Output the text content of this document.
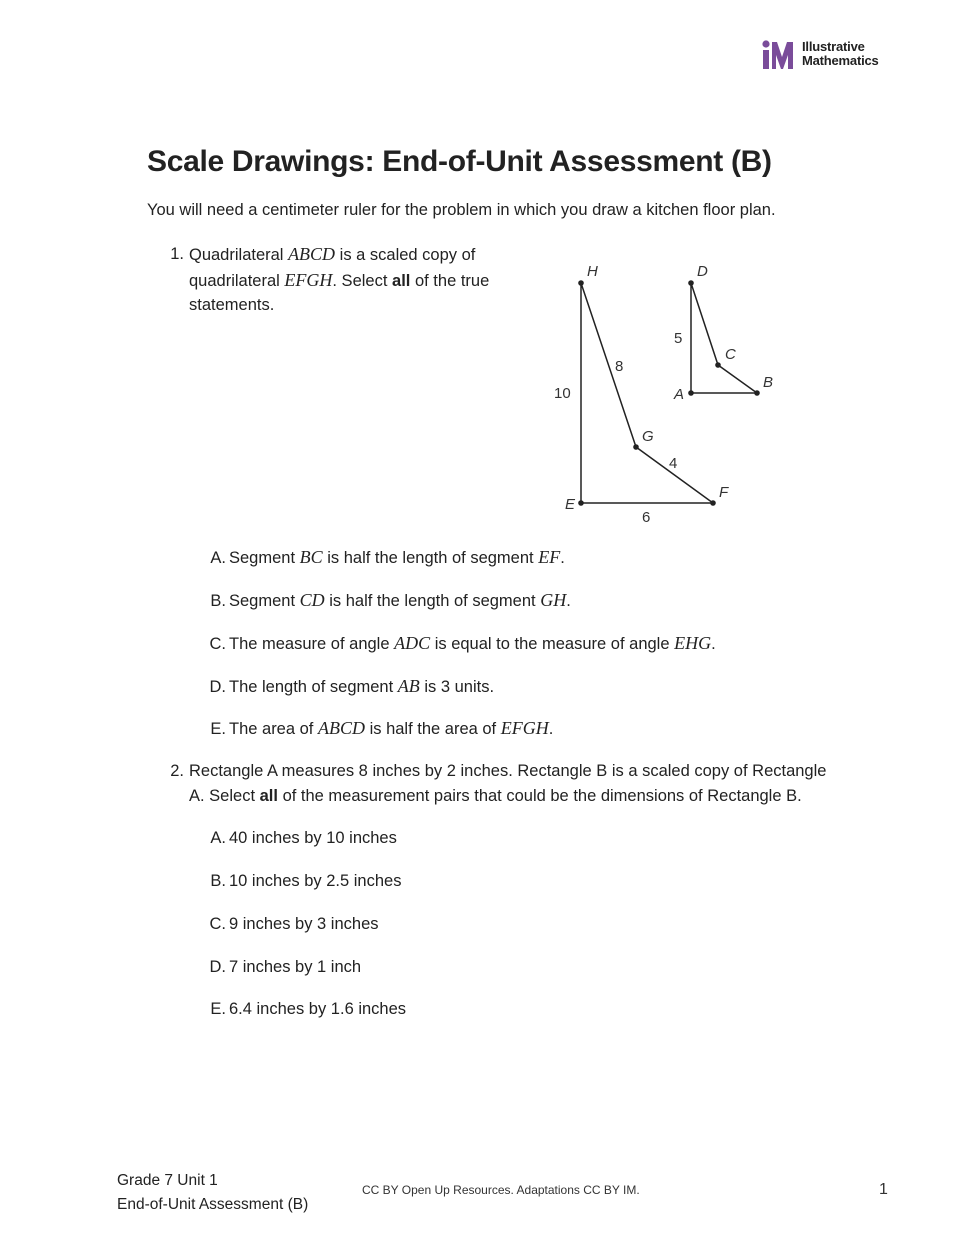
Illustrative
Mathematics
Scale Drawings: End-of-Unit Assessment (B)
You will need a centimeter ruler for the problem in which you draw a kitchen floor plan.
1. Quadrilateral ABCD is a scaled copy of quadrilateral EFGH. Select all of the true statements.
H
G
F
E
10
8
4
6
D
C
B
A
5
A. Segment BC is half the length of segment EF.
B. Segment CD is half the length of segment GH.
C. The measure of angle ADC is equal to the measure of angle EHG.
D. The length of segment AB is 3 units.
E. The area of ABCD is half the area of EFGH.
2. Rectangle A measures 8 inches by 2 inches. Rectangle B is a scaled copy of Rectangle
A. Select all of the measurement pairs that could be the dimensions of Rectangle B.
A. 40 inches by 10 inches
B. 10 inches by 2.5 inches
C. 9 inches by 3 inches
D. 7 inches by 1 inch
E. 6.4 inches by 1.6 inches
Grade 7 Unit 1
End-of-Unit Assessment (B)
CC BY Open Up Resources. Adaptations CC BY IM.	1
